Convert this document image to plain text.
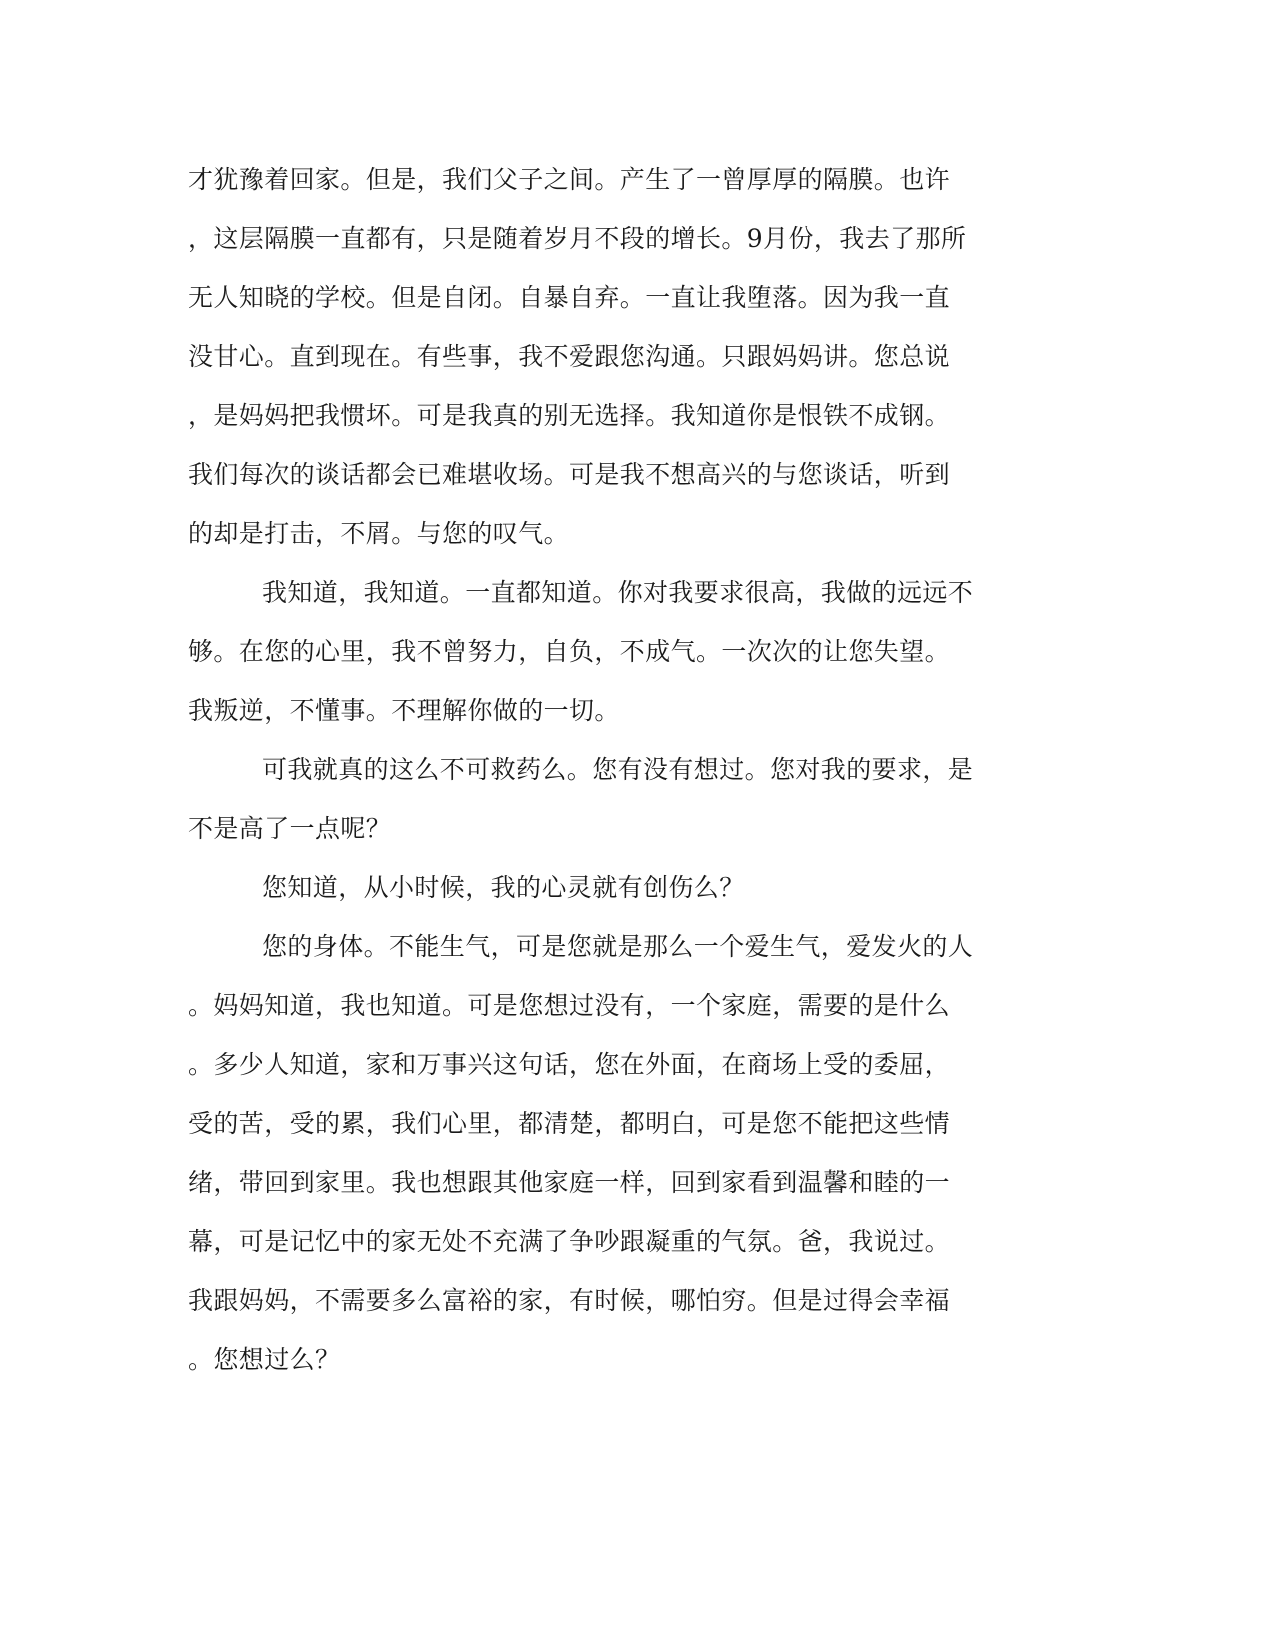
才犹豫着回家。但是，我们父子之间。产生了一曾厚厚的隔膜。也许
，这层隔膜一直都有，只是随着岁月不段的增长。9月份，我去了那所
无人知晓的学校。但是自闭。自暴自弃。一直让我堕落。因为我一直
没甘心。直到现在。有些事，我不爱跟您沟通。只跟妈妈讲。您总说
，是妈妈把我惯坏。可是我真的别无选择。我知道你是恨铁不成钢。
我们每次的谈话都会已难堪收场。可是我不想高兴的与您谈话，听到
的却是打击，不屑。与您的叹气。
我知道，我知道。一直都知道。你对我要求很高，我做的远远不
够。在您的心里，我不曾努力，自负，不成气。一次次的让您失望。
我叛逆，不懂事。不理解你做的一切。
可我就真的这么不可救药么。您有没有想过。您对我的要求，是
不是高了一点呢？
您知道，从小时候，我的心灵就有创伤么？
您的身体。不能生气，可是您就是那么一个爱生气，爱发火的人
。妈妈知道，我也知道。可是您想过没有，一个家庭，需要的是什么
。多少人知道，家和万事兴这句话，您在外面，在商场上受的委屈，
受的苦，受的累，我们心里，都清楚，都明白，可是您不能把这些情
绪，带回到家里。我也想跟其他家庭一样，回到家看到温馨和睦的一
幕，可是记忆中的家无处不充满了争吵跟凝重的气氛。爸，我说过。
我跟妈妈，不需要多么富裕的家，有时候，哪怕穷。但是过得会幸福
。您想过么？
